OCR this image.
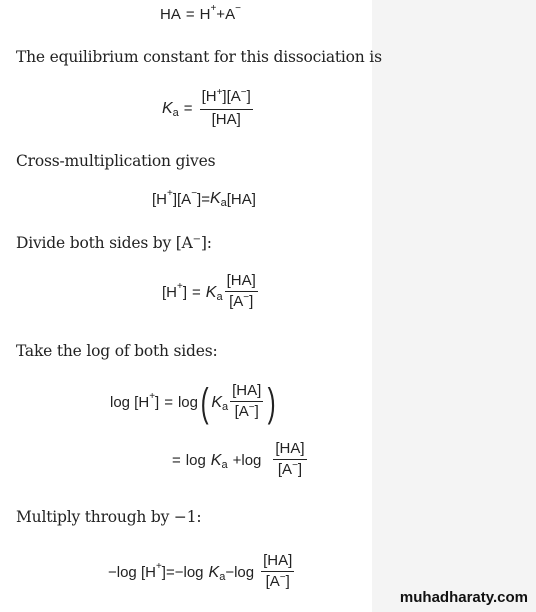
HA = H + + A −
The equilibrium constant for this dissociation is
K $a = \frac{[H^+][A^-]}{[HA]}$
Cross-multiplication gives
[H + ][A − ] = K a [HA]
Divide both sides by [A−]:
[H + ] = K a $\frac{[HA]}{[A^-]}$
Take the log of both sides:
log [H + ] = log ( K a $\frac{[HA]}{[A^-]}$ )
= log K $a + \log \frac{[HA]}{[A^-]}$
Multiply through by −1:
−log [H + ] = −log K $a - \log \frac{[HA]}{[A^-]}$
muhadharaty.com
